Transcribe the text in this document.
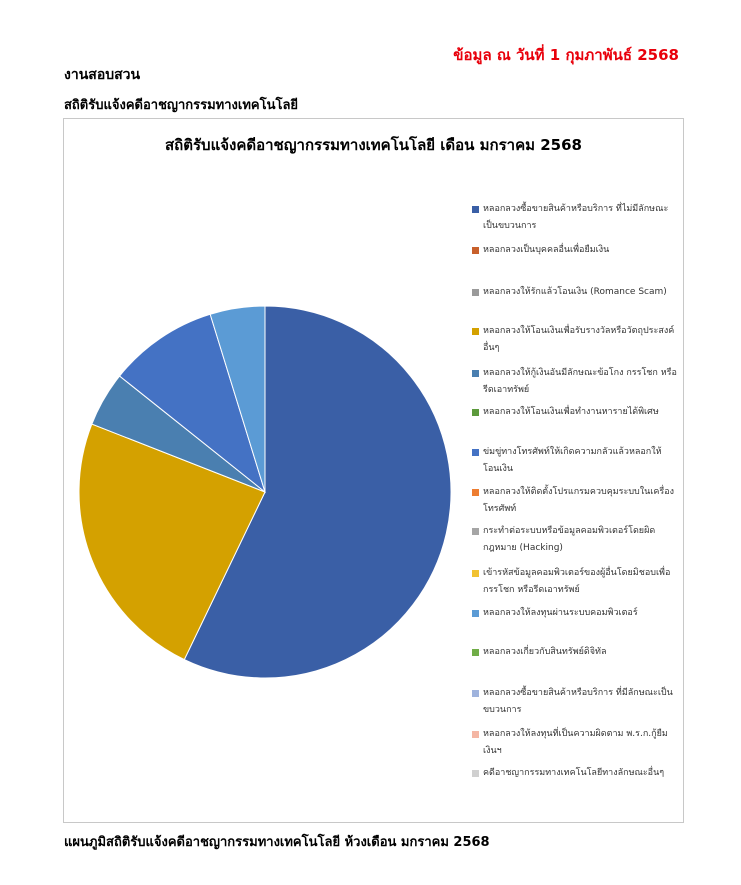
ข้อมูล ณ วันที่ 1 กุมภาพันธ์ 2568
งานสอบสวน
สถิติรับแจ้งคดีอาชญากรรมทางเทคโนโลยี
สถิติรับแจ้งคดีอาชญากรรมทางเทคโนโลยี เดือน มกราคม 2568
หลอกลวงซื้อขายสินค้าหรือบริการ ที่ไม่มีลักษณะเป็นขบวนการ
หลอกลวงเป็นบุคคลอื่นเพื่อยืมเงิน
หลอกลวงให้รักแล้วโอนเงิน (Romance Scam)
หลอกลวงให้โอนเงินเพื่อรับรางวัลหรือวัตถุประสงค์อื่นๆ
หลอกลวงให้กู้เงินอันมีลักษณะข้อโกง กรรโชก หรือรีดเอาทรัพย์
หลอกลวงให้โอนเงินเพื่อทำงานหารายได้พิเศษ
ข่มขู่ทางโทรศัพท์ให้เกิดความกลัวแล้วหลอกให้โอนเงิน
หลอกลวงให้ติดตั้งโปรแกรมควบคุมระบบในเครื่องโทรศัพท์
กระทำต่อระบบหรือข้อมูลคอมพิวเตอร์โดยผิดกฎหมาย (Hacking)
เข้ารหัสข้อมูลคอมพิวเตอร์ของผู้อื่นโดยมิชอบเพื่อกรรโชก หรือรีดเอาทรัพย์
หลอกลวงให้ลงทุนผ่านระบบคอมพิวเตอร์
หลอกลวงเกี่ยวกับสินทรัพย์ดิจิทัล
หลอกลวงซื้อขายสินค้าหรือบริการ ที่มีลักษณะเป็นขบวนการ
หลอกลวงให้ลงทุนที่เป็นความผิดตาม พ.ร.ก.กู้ยืมเงินฯ
คดีอาชญากรรมทางเทคโนโลยีทางลักษณะอื่นๆ
แผนภูมิสถิติรับแจ้งคดีอาชญากรรมทางเทคโนโลยี ห้วงเดือน มกราคม 2568
